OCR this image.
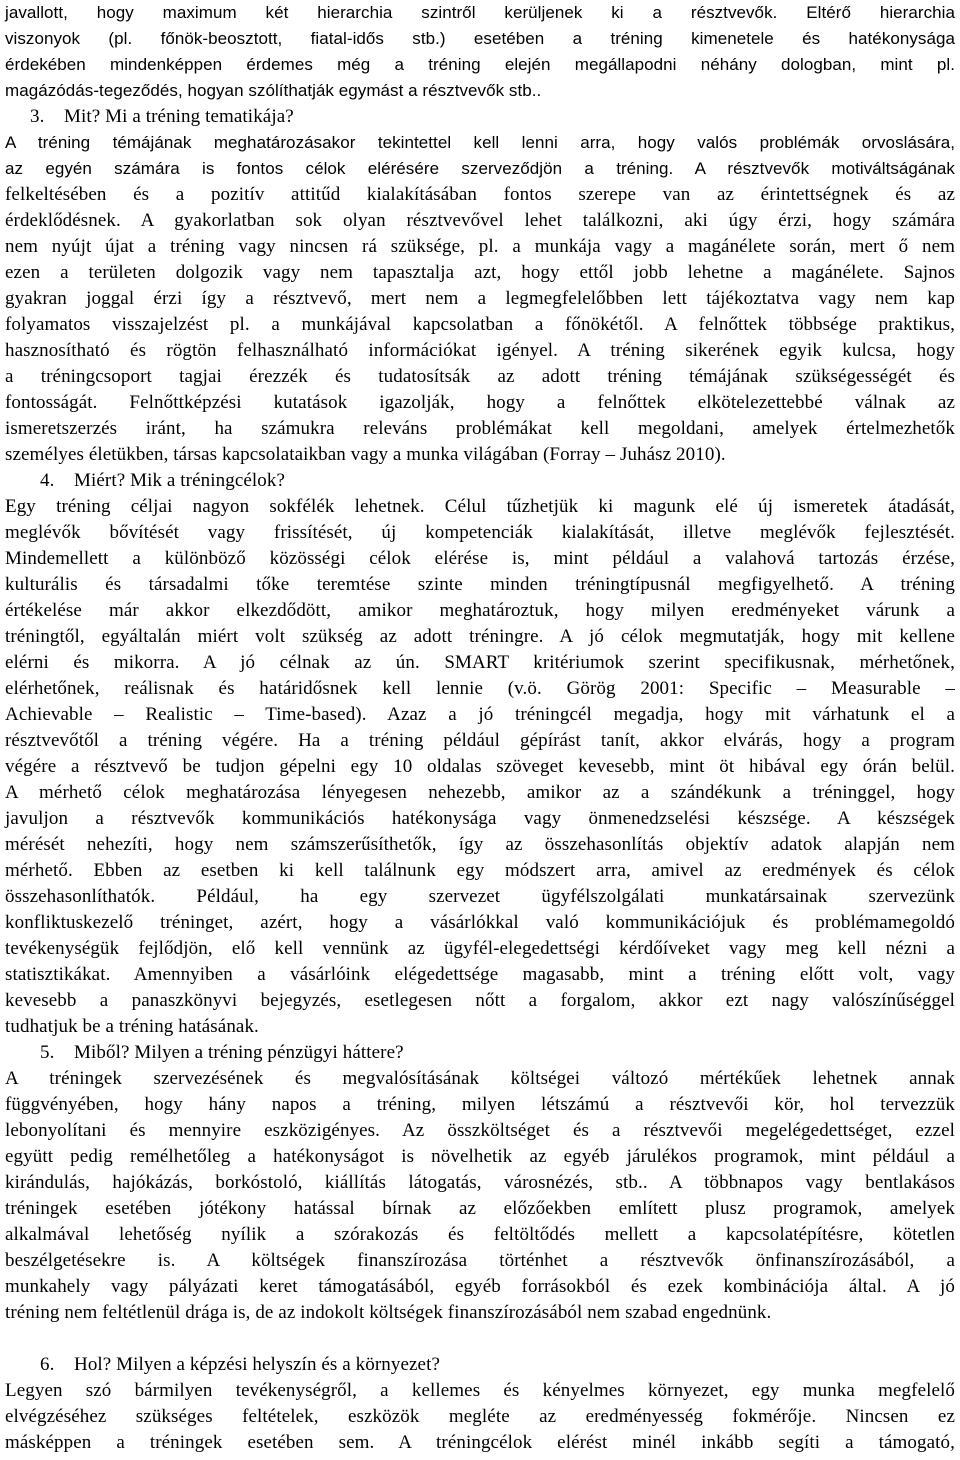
javallott, hogy maximum két hierarchia szintről kerüljenek ki a résztvevők. Eltérő hierarchia
viszonyok (pl. főnök-beosztott, fiatal-idős stb.) esetében a tréning kimenetele és hatékonysága
érdekében mindenképpen érdemes még a tréning elején megállapodni néhány dologban, mint pl.
magázódás-tegeződés, hogyan szólíthatják egymást a résztvevők stb..
3. Mit? Mi a tréning tematikája?
A tréning témájának meghatározásakor tekintettel kell lenni arra, hogy valós problémák orvoslására,
az egyén számára is fontos célok elérésére szerveződjön a tréning. A résztvevők motiváltságának
felkeltésében és a pozitív attitűd kialakításában fontos szerepe van az érintettségnek és az
érdeklődésnek. A gyakorlatban sok olyan résztvevővel lehet találkozni, aki úgy érzi, hogy számára
nem nyújt újat a tréning vagy nincsen rá szüksége, pl. a munkája vagy a magánélete során, mert ő nem
ezen a területen dolgozik vagy nem tapasztalja azt, hogy ettől jobb lehetne a magánélete. Sajnos
gyakran joggal érzi így a résztvevő, mert nem a legmegfelelőbben lett tájékoztatva vagy nem kap
folyamatos visszajelzést pl. a munkájával kapcsolatban a főnökétől. A felnőttek többsége praktikus,
hasznosítható és rögtön felhasználható információkat igényel. A tréning sikerének egyik kulcsa, hogy
a tréningcsoport tagjai érezzék és tudatosítsák az adott tréning témájának szükségességét és
fontosságát. Felnőttképzési kutatások igazolják, hogy a felnőttek elkötelezettebbé válnak az
ismeretszerzés iránt, ha számukra releváns problémákat kell megoldani, amelyek értelmezhetők
személyes életükben, társas kapcsolataikban vagy a munka világában (Forray – Juhász 2010).
4. Miért? Mik a tréningcélok?
Egy tréning céljai nagyon sokfélék lehetnek. Célul tűzhetjük ki magunk elé új ismeretek átadását,
meglévők bővítését vagy frissítését, új kompetenciák kialakítását, illetve meglévők fejlesztését.
Mindemellett a különböző közösségi célok elérése is, mint például a valahová tartozás érzése,
kulturális és társadalmi tőke teremtése szinte minden tréningtípusnál megfigyelhető. A tréning
értékelése már akkor elkezdődött, amikor meghatároztuk, hogy milyen eredményeket várunk a
tréningtől, egyáltalán miért volt szükség az adott tréningre. A jó célok megmutatják, hogy mit kellene
elérni és mikorra. A jó célnak az ún. SMART kritériumok szerint specifikusnak, mérhetőnek,
elérhetőnek, reálisnak és határidősnek kell lennie (v.ö. Görög 2001: Specific – Measurable –
Achievable – Realistic – Time-based). Azaz a jó tréningcél megadja, hogy mit várhatunk el a
résztvevőtől a tréning végére. Ha a tréning például gépírást tanít, akkor elvárás, hogy a program
végére a résztvevő be tudjon gépelni egy 10 oldalas szöveget kevesebb, mint öt hibával egy órán belül.
A mérhető célok meghatározása lényegesen nehezebb, amikor az a szándékunk a tréninggel, hogy
javuljon a résztvevők kommunikációs hatékonysága vagy önmenedzselési készsége. A készségek
mérését nehezíti, hogy nem számszerűsíthetők, így az összehasonlítás objektív adatok alapján nem
mérhető. Ebben az esetben ki kell találnunk egy módszert arra, amivel az eredmények és célok
összehasonlíthatók. Például, ha egy szervezet ügyfélszolgálati munkatársainak szervezünk
konfliktuskezelő tréninget, azért, hogy a vásárlókkal való kommunikációjuk és problémamegoldó
tevékenységük fejlődjön, elő kell vennünk az ügyfél-elegedettségi kérdőíveket vagy meg kell nézni a
statisztikákat. Amennyiben a vásárlóink elégedettsége magasabb, mint a tréning előtt volt, vagy
kevesebb a panaszkönyvi bejegyzés, esetlegesen nőtt a forgalom, akkor ezt nagy valószínűséggel
tudhatjuk be a tréning hatásának.
5. Miből? Milyen a tréning pénzügyi háttere?
A tréningek szervezésének és megvalósításának költségei változó mértékűek lehetnek annak
függvényében, hogy hány napos a tréning, milyen létszámú a résztvevői kör, hol tervezzük
lebonyolítani és mennyire eszközigényes. Az összköltséget és a résztvevői megelégedettséget, ezzel
együtt pedig remélhetőleg a hatékonyságot is növelhetik az egyéb járulékos programok, mint például a
kirándulás, hajókázás, borkóstoló, kiállítás látogatás, városnézés, stb.. A többnapos vagy bentlakásos
tréningek esetében jótékony hatással bírnak az előzőekben említett plusz programok, amelyek
alkalmával lehetőség nyílik a szórakozás és feltöltődés mellett a kapcsolatépítésre, kötetlen
beszélgetésekre is. A költségek finanszírozása történhet a résztvevők önfinanszírozásából, a
munkahely vagy pályázati keret támogatásából, egyéb forrásokból és ezek kombinációja által. A jó
tréning nem feltétlenül drága is, de az indokolt költségek finanszírozásából nem szabad engednünk.
6. Hol? Milyen a képzési helyszín és a környezet?
Legyen szó bármilyen tevékenységről, a kellemes és kényelmes környezet, egy munka megfelelő
elvégzéséhez szükséges feltételek, eszközök megléte az eredményesség fokmérője. Nincsen ez
másképpen a tréningek esetében sem. A tréningcélok elérést minél inkább segíti a támogató,
